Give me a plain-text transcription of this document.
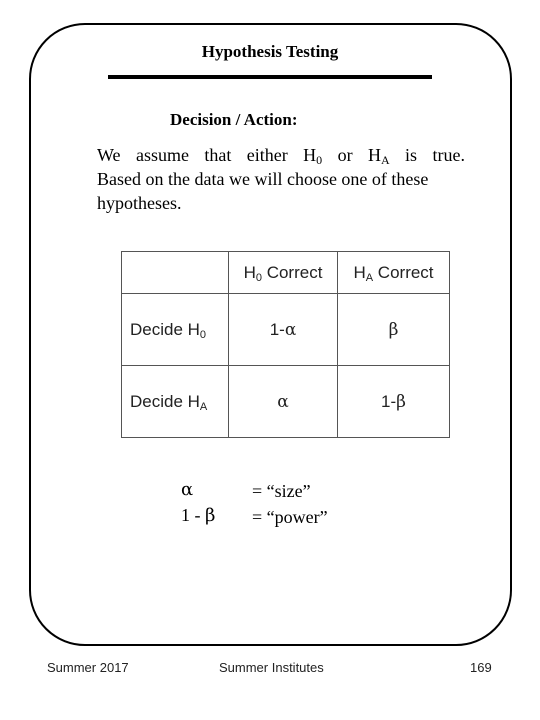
Hypothesis Testing
Decision / Action:
We assume that either $H_0$ or $H_A$ is true.
Based on the data we will choose one of these hypotheses.
	$H_0$ Correct	$H_A$ Correct
Decide $H_0$	1-α	β
Decide $H_A$	α	1-β
α	= “size”
1 - β = “power”
Summer 2017	Summer Institutes	169
